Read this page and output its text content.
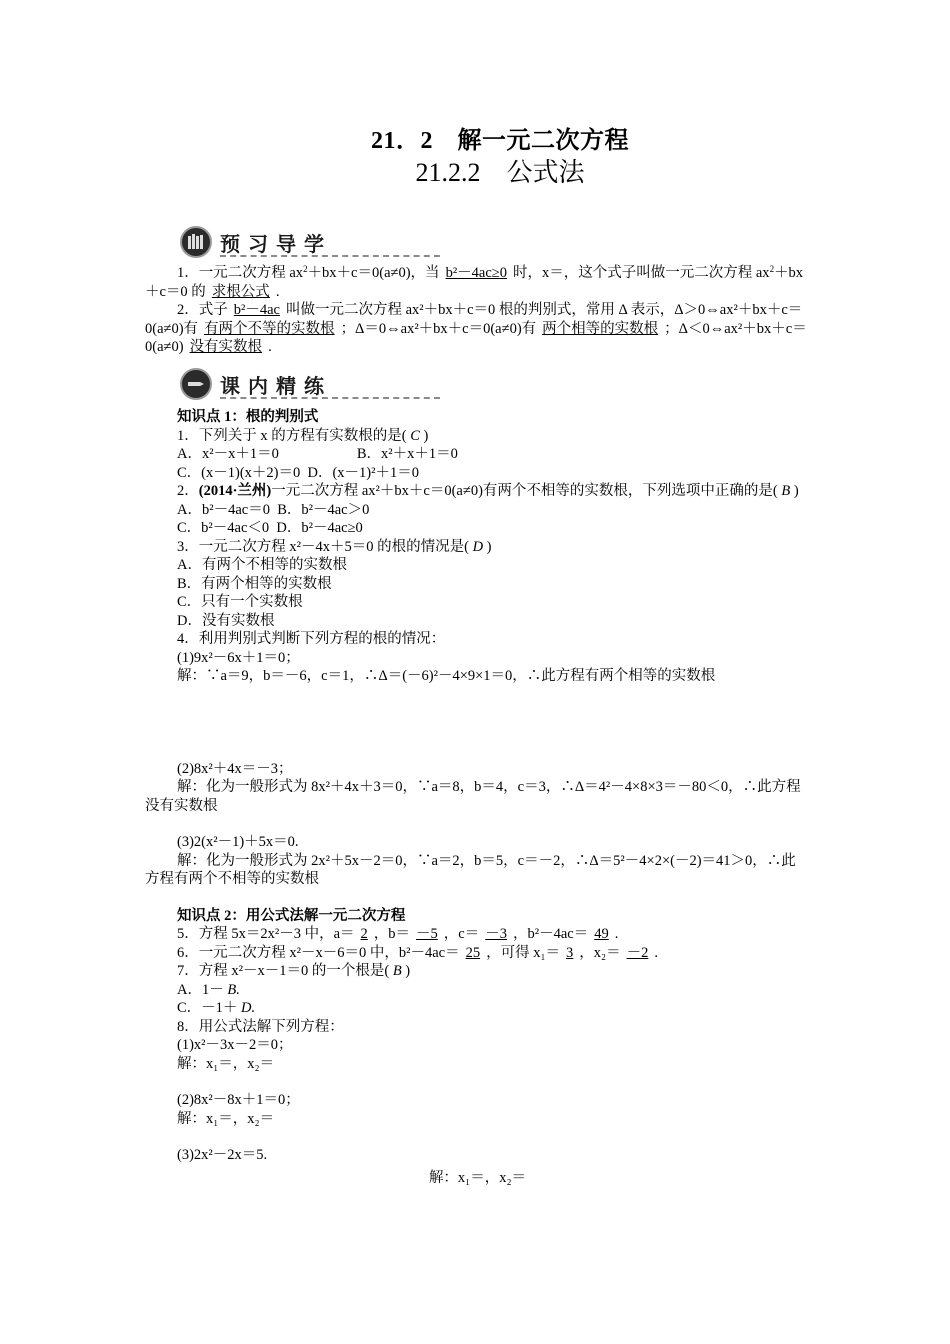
21．2　解一元二次方程
21.2.2　公式法
预习导学

1．一元二次方程 $ax^2+bx+c=0(a\ne 0)$，当 b²－4ac≥0 时，x＝，这个式子叫做一元二次方程 $ax^2+bx+c=0$ 的 求根公式 .

2．式子 b²－4ac 叫做一元二次方程 ax²＋bx＋c＝0 根的判别式，常用 Δ 表示，Δ＞0⇔ax²＋bx＋c＝0(a≠0)有 有两个不等的实数根 ；Δ＝0⇔ax²＋bx＋c＝0(a≠0)有 两个相等的实数根 ；Δ＜0⇔ax²＋bx＋c＝0(a≠0) 没有实数根 .

课内精练

知识点 1：根的判别式

1．下列关于 x 的方程有实数根的是( C )

A．x²－x＋1＝0	B．x²＋x＋1＝0

C．(x－1)(x＋2)＝0 D．(x－1)²＋1＝0

2．(2014·兰州)一元二次方程 ax²＋bx＋c＝0(a≠0)有两个不相等的实数根，下列选项中正确的是( B )

A．b²－4ac＝0 B．b²－4ac＞0

C．b²－4ac＜0 D．b²－4ac≥0

3．一元二次方程 x²－4x＋5＝0 的根的情况是( D )

A．有两个不相等的实数根

B．有两个相等的实数根

C．只有一个实数根

D．没有实数根

4．利用判别式判断下列方程的根的情况：

(1)9x²－6x＋1＝0；

解：∵a＝9，b＝－6，c＝1，∴Δ＝(－6)²－4×9×1＝0，∴此方程有两个相等的实数根

(2)8x²＋4x＝－3；

解：化为一般形式为 8x²＋4x＋3＝0，∵a＝8，b＝4，c＝3，∴Δ＝4²－4×8×3＝－80＜0，∴此方程没有实数根

(3)2(x²－1)＋5x＝0.

解：化为一般形式为 2x²＋5x－2＝0，∵a＝2，b＝5，c＝－2，∴Δ＝5²－4×2×(－2)＝41＞0，∴此方程有两个不相等的实数根

知识点 2：用公式法解一元二次方程

5．方程 5x＝2x²－3 中，a＝ 2 ，b＝ －5 ，c＝ －3 ，b²－4ac＝ 49 .

6．一元二次方程 x²－x－6＝0 中，b²－4ac＝ 25 ，可得 x₁＝ 3 ，x₂＝ －2 .

7．方程 x²－x－1＝0 的一个根是( B )

A．1－ B.

C．－1＋ D.

8．用公式法解下列方程：

(1)x²－3x－2＝0；

解：x₁＝，x₂＝

(2)8x²－8x＋1＝0；

解：x₁＝，x₂＝

(3)2x²－2x＝5.

解：x₁＝，x₂＝
